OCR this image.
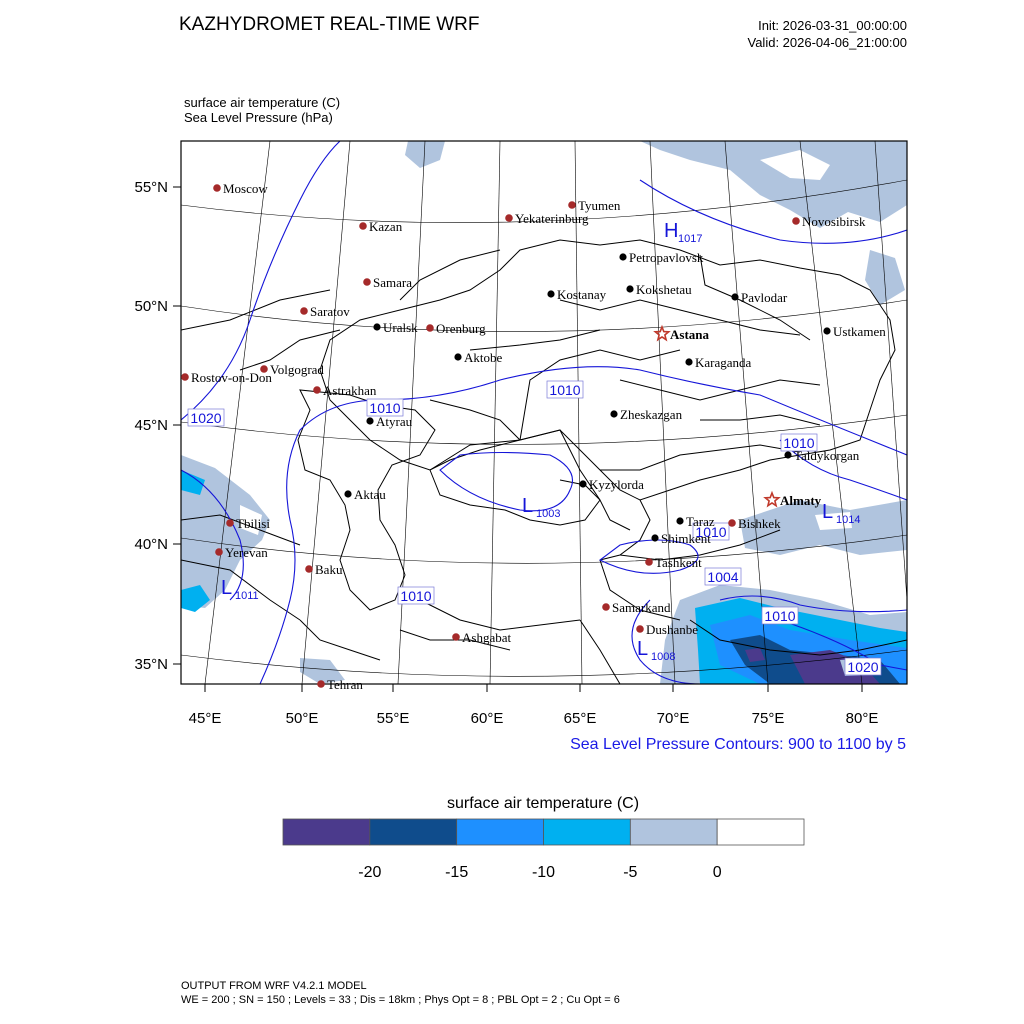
KAZHYDROMET REAL-TIME WRF	Init: 2026-03-31_00:00:00
Valid: 2026-04-06_21:00:00
surface air temperature (C)
Sea Level Pressure (hPa)
1020
1010
1010
1010
1010
1010
1010
1004
1020
H 1017
L 1003
L 1011
L 1008
L 1014
Moscow
Kazan
Samara
Saratov
Volgograd
Rostov-on-Don
Astrakhan
Tyumen
Yekaterinburg	Novosibirsk
Orenburg
Tbilisi
Yerevan
Baku
Ashgabat
Tehran
Samarkand
Dushanbe
Tashkent
Bishkek
Petropavlovsk
Kostanay Kokshetau
Pavlodar
Uralsk
Aktobe	Karaganda
Ustkamen
Atyrau	Zheskazgan
Taldykorgan
Kyzylorda
Aktau
Taraz
Shimkent
Astana
Almaty
55°N
50°N
45°N
40°N
35°N
45°E	50°E	55°E	60°E	65°E	70°E	75°E	80°E
-20	-15	-10	-5	0
Sea Level Pressure Contours: 900 to 1100 by 5
surface air temperature (C)
OUTPUT FROM WRF V4.2.1 MODEL
WE = 200 ; SN = 150 ; Levels = 33 ; Dis = 18km ; Phys Opt = 8 ; PBL Opt = 2 ; Cu Opt = 6
